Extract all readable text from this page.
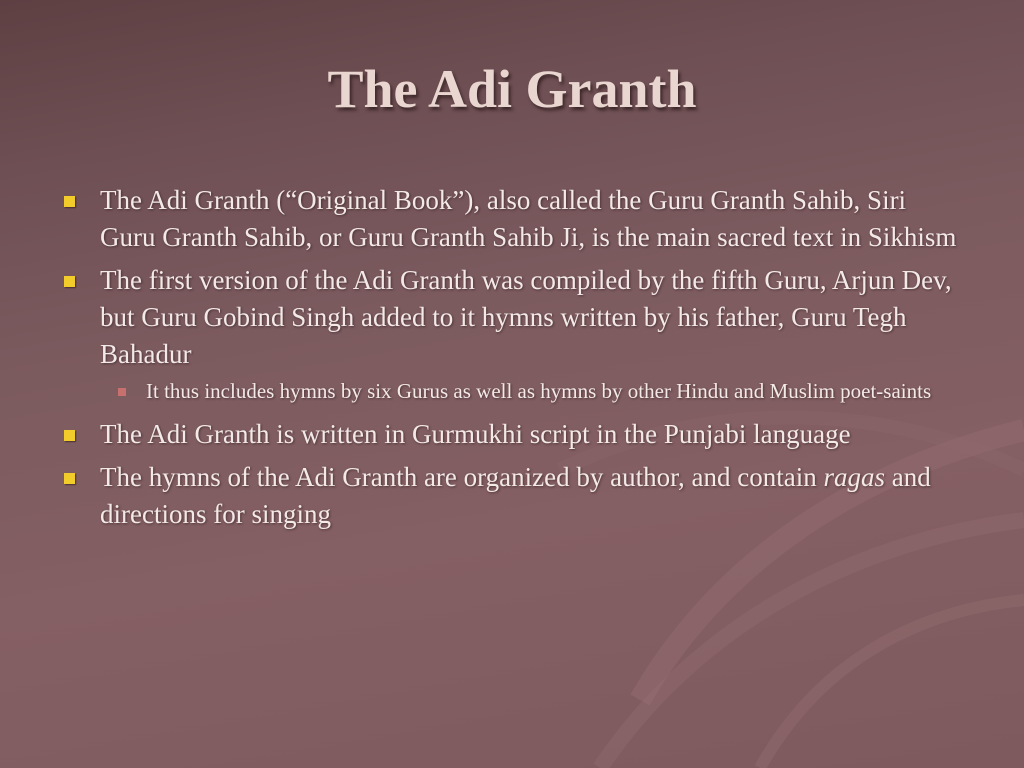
The Adi Granth
The Adi Granth (“Original Book”), also called the Guru Granth Sahib, Siri Guru Granth Sahib, or Guru Granth Sahib Ji, is the main sacred text in Sikhism
The first version of the Adi Granth was compiled by the fifth Guru, Arjun Dev, but Guru Gobind Singh added to it hymns written by his father, Guru Tegh Bahadur
It thus includes hymns by six Gurus as well as hymns by other Hindu and Muslim poet-saints
The Adi Granth is written in Gurmukhi script in the Punjabi language
The hymns of the Adi Granth are organized by author, and contain ragas and directions for singing
